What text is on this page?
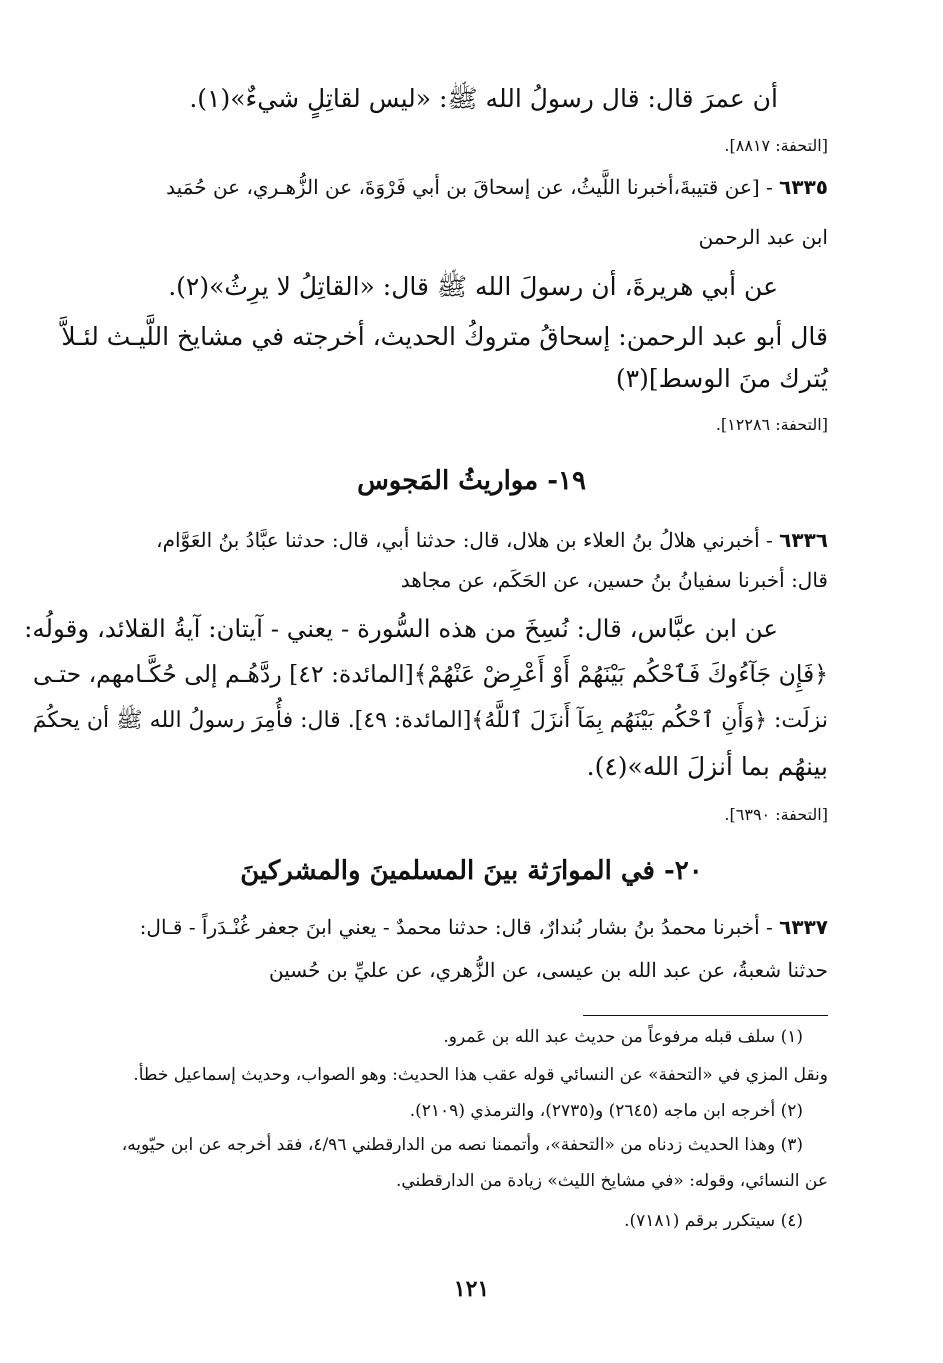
أن عمرَ قال: قال رسولُ الله ﷺ: «ليس لقاتِلٍ شيءٌ»(١).
[التحفة: ٨٨١٧].
٦٣٣٥ - [عن قتيبةَ،أخبرنا اللَّيثُ، عن إسحاقَ بن أبي فَرْوَةَ، عن الزُّهـري، عن حُمَيد
ابن عبد الرحمن
عن أبي هريرةَ، أن رسولَ الله ﷺ قال: «القاتِلُ لا يرِثُ»(٢).
قال أبو عبد الرحمن: إسحاقُ متروكُ الحديث، أخرجته في مشايخ اللَّيـث لئـلاَّ
يُترك منَ الوسط](٣)
[التحفة: ١٢٢٨٦].
١٩- مواريثُ المَجوس
٦٣٣٦ - أخبرني هلالُ بنُ العلاء بن هلال، قال: حدثنا أبي، قال: حدثنا عبَّادُ بنُ العَوَّام،
قال: أخبرنا سفيانُ بنُ حسين، عن الحَكَم، عن مجاهد
عن ابن عبَّاس، قال: نُسِخَ من هذه السُّورة - يعني - آيتان: آيةُ القلائد، وقولُه:
﴿فَإِن جَآءُوكَ فَٱحْكُم بَيْنَهُمْ أَوْ أَعْرِضْ عَنْهُمْ﴾[المائدة: ٤٢] ردَّهُـم إلى حُكَّـامهم، حتـى
نزلَت: ﴿وَأَنِ ٱحْكُم بَيْنَهُم بِمَآ أَنزَلَ ٱللَّهُ﴾[المائدة: ٤٩]. قال: فأُمِرَ رسولُ الله ﷺ أن يحكُمَ
بينهُم بما أنزلَ الله»(٤).
[التحفة: ٦٣٩٠].
٢٠- في الموارَثة بينَ المسلمينَ والمشركينَ
٦٣٣٧ - أخبرنا محمدُ بنُ بشار بُندارٌ، قال: حدثنا محمدٌ - يعني ابنَ جعفر غُنْـدَراً - قـال:
حدثنا شعبةُ، عن عبد الله بن عيسى، عن الزُّهري، عن عليِّ بن حُسين
(١) سلف قبله مرفوعاً من حديث عبد الله بن عَمرو.
ونقل المزي في «التحفة» عن النسائي قوله عقب هذا الحديث: وهو الصواب، وحديث إسماعيل خطأ.
(٢) أخرجه ابن ماجه (٢٦٤٥) و(٢٧٣٥)، والترمذي (٢١٠٩).
(٣) وهذا الحديث زدناه من «التحفة»، وأتممنا نصه من الدارقطني ٤/٩٦، فقد أخرجه عن ابن حيّويه،
عن النسائي، وقوله: «في مشايخ الليث» زيادة من الدارقطني.
(٤) سيتكرر برقم (٧١٨١).
١٢١
